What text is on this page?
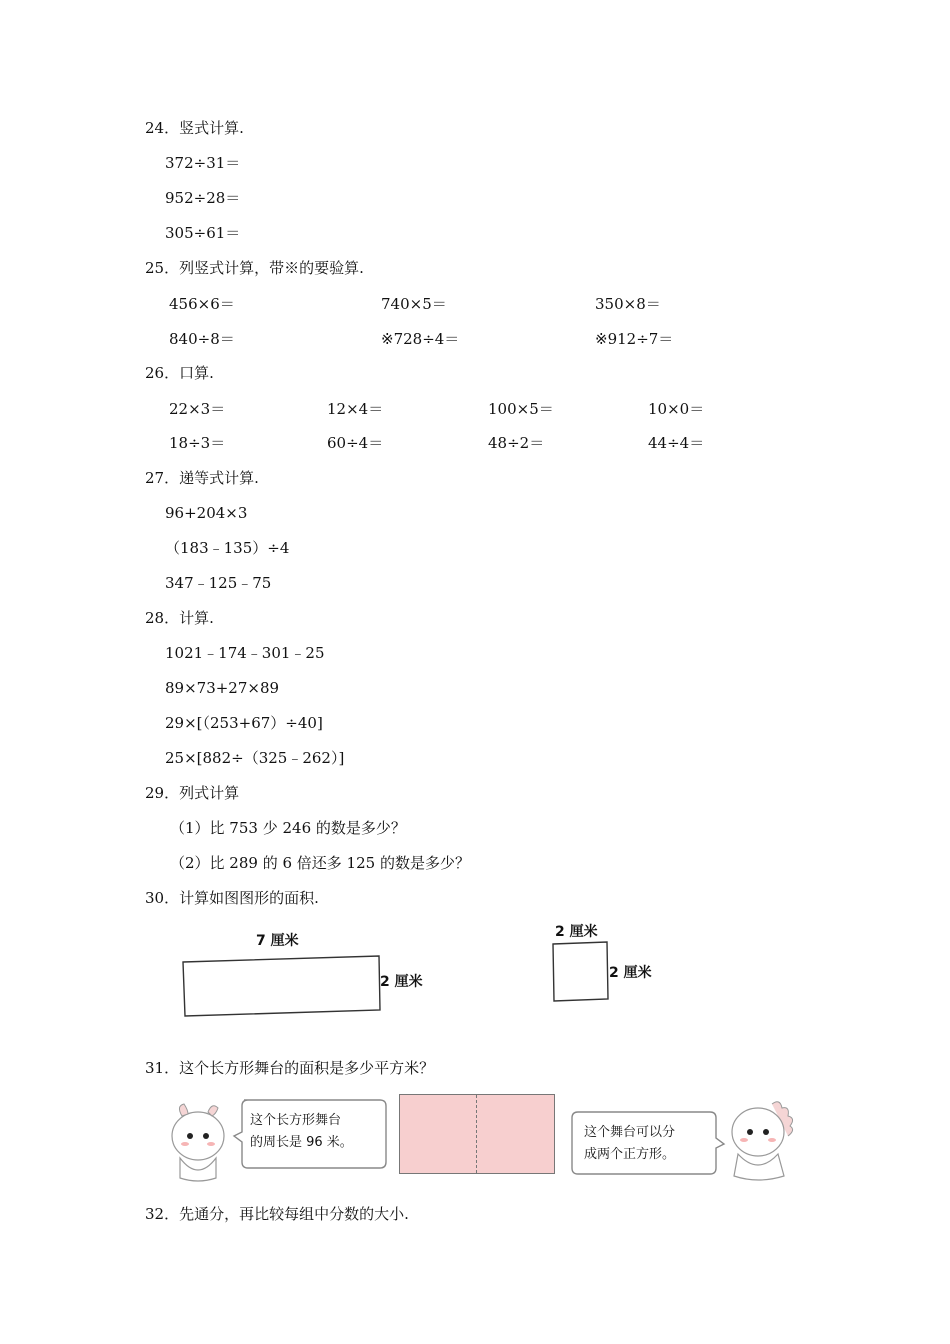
24．竖式计算.
372÷31＝
952÷28＝
305÷61＝
25．列竖式计算，带※的要验算.
456×6＝	740×5＝	350×8＝
840÷8＝	※728÷4＝	※912÷7＝
26．口算.
22×3＝	12×4＝	100×5＝	10×0＝
18÷3＝	60÷4＝	48÷2＝	44÷4＝
27．递等式计算.
96+204×3
（183﹣135）÷4
347﹣125﹣75
28．计算.
1021﹣174﹣301﹣25
89×73+27×89
29×[（253+67）÷40]
25×[882÷（325﹣262）]
29．列式计算
（1）比 753 少 246 的数是多少？
（2）比 289 的 6 倍还多 125 的数是多少？
30．计算如图图形的面积.
7 厘米
2 厘米
2 厘米
2 厘米
31．这个长方形舞台的面积是多少平方米？
这个长方形舞台
的周长是 96 米。
这个舞台可以分
成两个正方形。
32．先通分，再比较每组中分数的大小.
